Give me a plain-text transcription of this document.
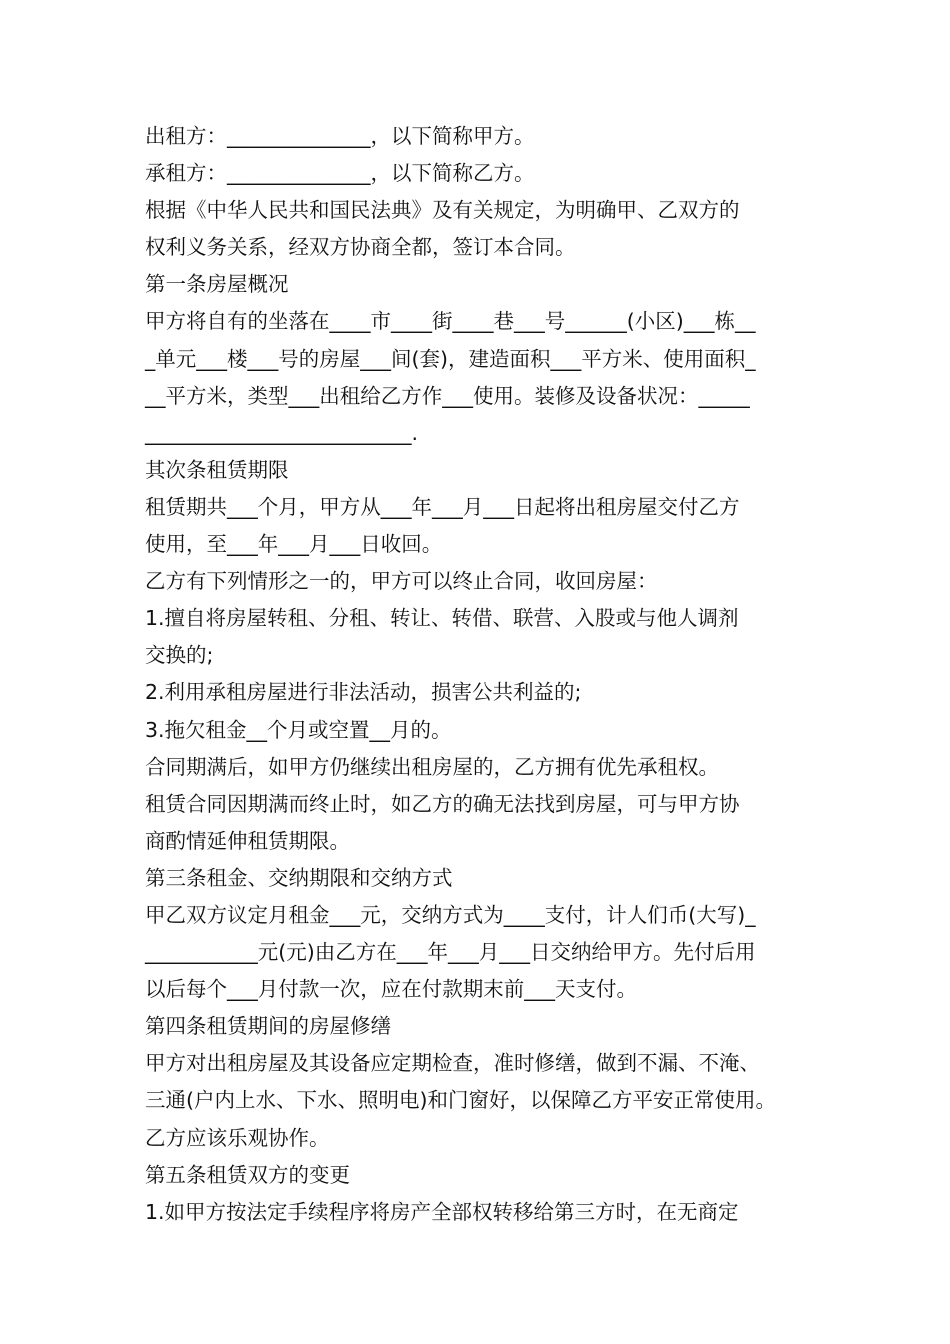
出租方：______________，以下简称甲方。
承租方：______________，以下简称乙方。
根据《中华人民共和国民法典》及有关规定，为明确甲、乙双方的
权利义务关系，经双方协商全都，签订本合同。
第一条房屋概况
甲方将自有的坐落在____市____街____巷___号______(小区)___栋__
_单元___楼___号的房屋___间(套)，建造面积___平方米、使用面积_
__平方米，类型___出租给乙方作___使用。装修及设备状况：_____
__________________________.
其次条租赁期限
租赁期共___个月，甲方从___年___月___日起将出租房屋交付乙方
使用，至___年___月___日收回。
乙方有下列情形之一的，甲方可以终止合同，收回房屋：
1.擅自将房屋转租、分租、转让、转借、联营、入股或与他人调剂
交换的;
2.利用承租房屋进行非法活动，损害公共利益的;
3.拖欠租金__个月或空置__月的。
合同期满后，如甲方仍继续出租房屋的，乙方拥有优先承租权。
租赁合同因期满而终止时，如乙方的确无法找到房屋，可与甲方协
商酌情延伸租赁期限。
第三条租金、交纳期限和交纳方式
甲乙双方议定月租金___元，交纳方式为____支付，计人们币(大写)_
___________元(元)由乙方在___年___月___日交纳给甲方。先付后用
以后每个___月付款一次，应在付款期末前___天支付。
第四条租赁期间的房屋修缮
甲方对出租房屋及其设备应定期检查，准时修缮，做到不漏、不淹、
三通(户内上水、下水、照明电)和门窗好，以保障乙方平安正常使用。
乙方应该乐观协作。
第五条租赁双方的变更
1.如甲方按法定手续程序将房产全部权转移给第三方时，在无商定
